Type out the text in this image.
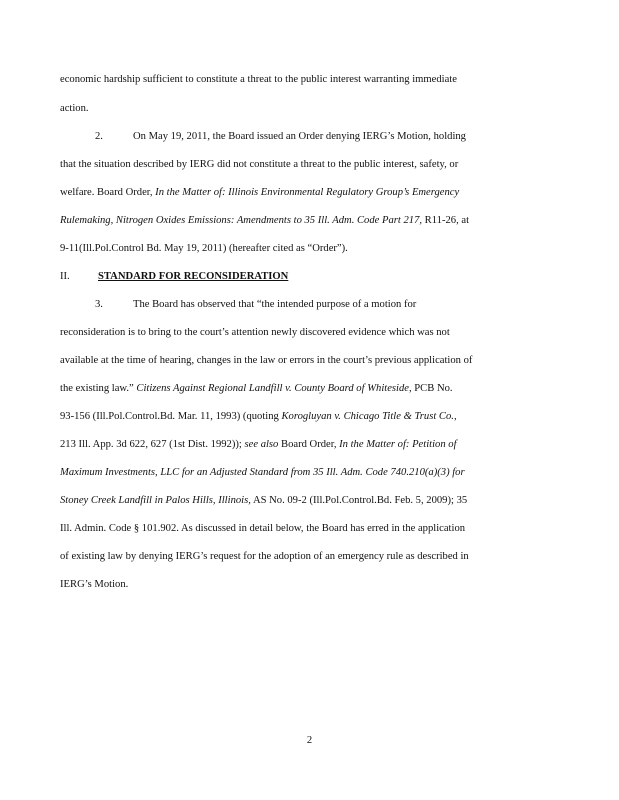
economic hardship sufficient to constitute a threat to the public interest warranting immediate
action.
2.	On May 19, 2011, the Board issued an Order denying IERG’s Motion, holding
that the situation described by IERG did not constitute a threat to the public interest, safety, or
welfare. Board Order, In the Matter of: Illinois Environmental Regulatory Group’s Emergency
Rulemaking, Nitrogen Oxides Emissions: Amendments to 35 Ill. Adm. Code Part 217, R11-26, at
9-11(Ill.Pol.Control Bd. May 19, 2011) (hereafter cited as “Order”).
II.	STANDARD FOR RECONSIDERATION
3.	The Board has observed that “the intended purpose of a motion for
reconsideration is to bring to the court’s attention newly discovered evidence which was not
available at the time of hearing, changes in the law or errors in the court’s previous application of
the existing law.” Citizens Against Regional Landfill v. County Board of Whiteside, PCB No.
93-156 (Ill.Pol.Control.Bd. Mar. 11, 1993) (quoting Korogluyan v. Chicago Title & Trust Co.,
213 Ill. App. 3d 622, 627 (1st Dist. 1992)); see also Board Order, In the Matter of: Petition of
Maximum Investments, LLC for an Adjusted Standard from 35 Ill. Adm. Code 740.210(a)(3) for
Stoney Creek Landfill in Palos Hills, Illinois, AS No. 09-2 (Ill.Pol.Control.Bd. Feb. 5, 2009); 35
Ill. Admin. Code § 101.902. As discussed in detail below, the Board has erred in the application
of existing law by denying IERG’s request for the adoption of an emergency rule as described in
IERG’s Motion.
2
